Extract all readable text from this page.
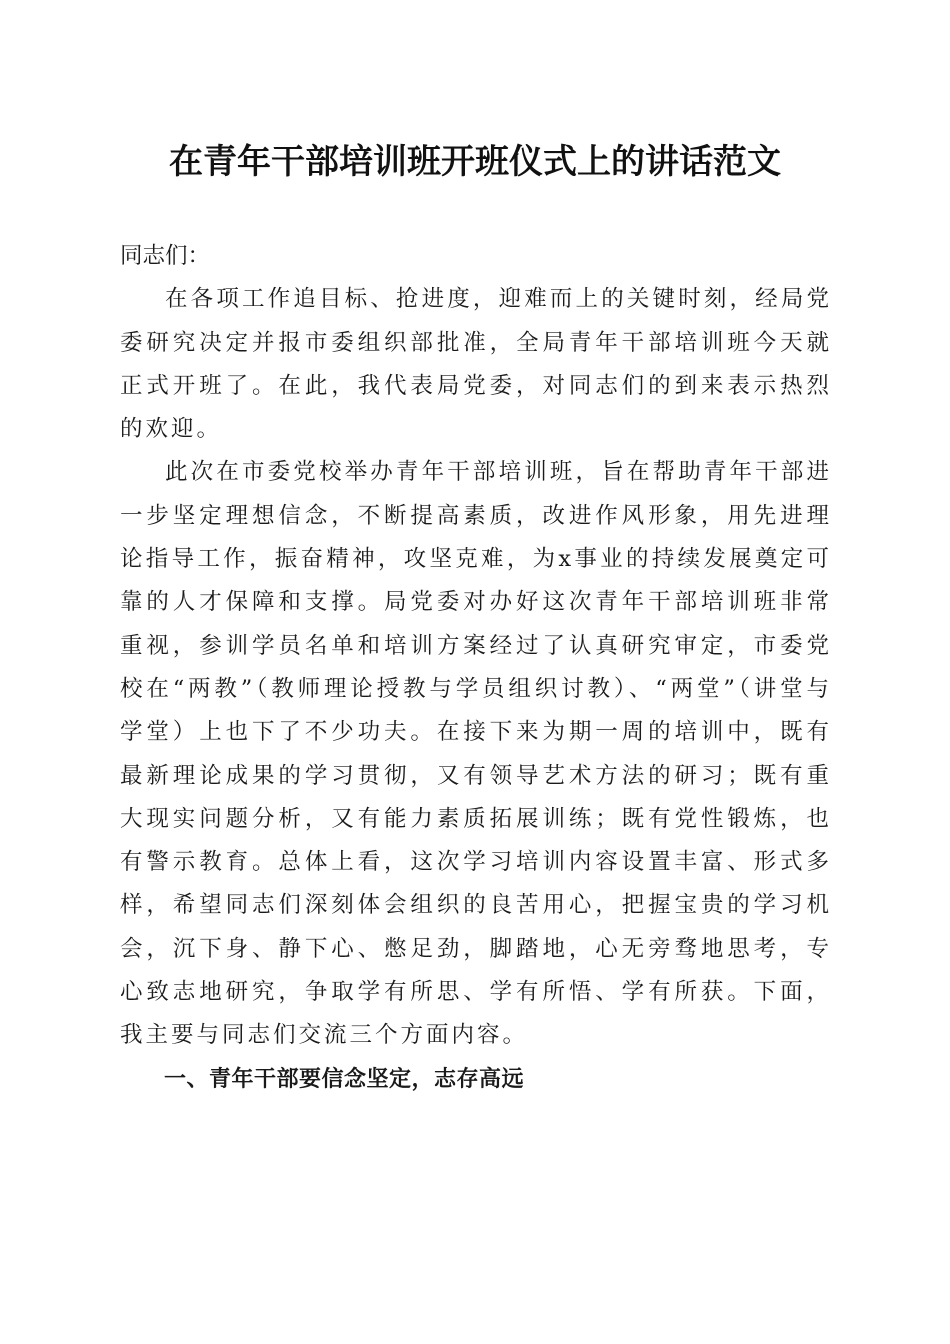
在青年干部培训班开班仪式上的讲话范文

同志们：

在各项工作追目标、抢进度，迎难而上的关键时刻，经局党委研究决定并报市委组织部批准，全局青年干部培训班今天就正式开班了。在此，我代表局党委，对同志们的到来表示热烈的欢迎。

此次在市委党校举办青年干部培训班，旨在帮助青年干部进一步坚定理想信念，不断提高素质，改进作风形象，用先进理论指导工作，振奋精神，攻坚克难，为x事业的持续发展奠定可靠的人才保障和支撑。局党委对办好这次青年干部培训班非常重视，参训学员名单和培训方案经过了认真研究审定，市委党校在“两教”（教师理论授教与学员组织讨教）、“两堂”（讲堂与学堂）上也下了不少功夫。在接下来为期一周的培训中，既有最新理论成果的学习贯彻，又有领导艺术方法的研习；既有重大现实问题分析，又有能力素质拓展训练；既有党性锻炼，也有警示教育。总体上看，这次学习培训内容设置丰富、形式多样，希望同志们深刻体会组织的良苦用心，把握宝贵的学习机会，沉下身、静下心、憋足劲，脚踏地，心无旁骛地思考，专心致志地研究，争取学有所思、学有所悟、学有所获。下面，我主要与同志们交流三个方面内容。

一、青年干部要信念坚定，志存高远
